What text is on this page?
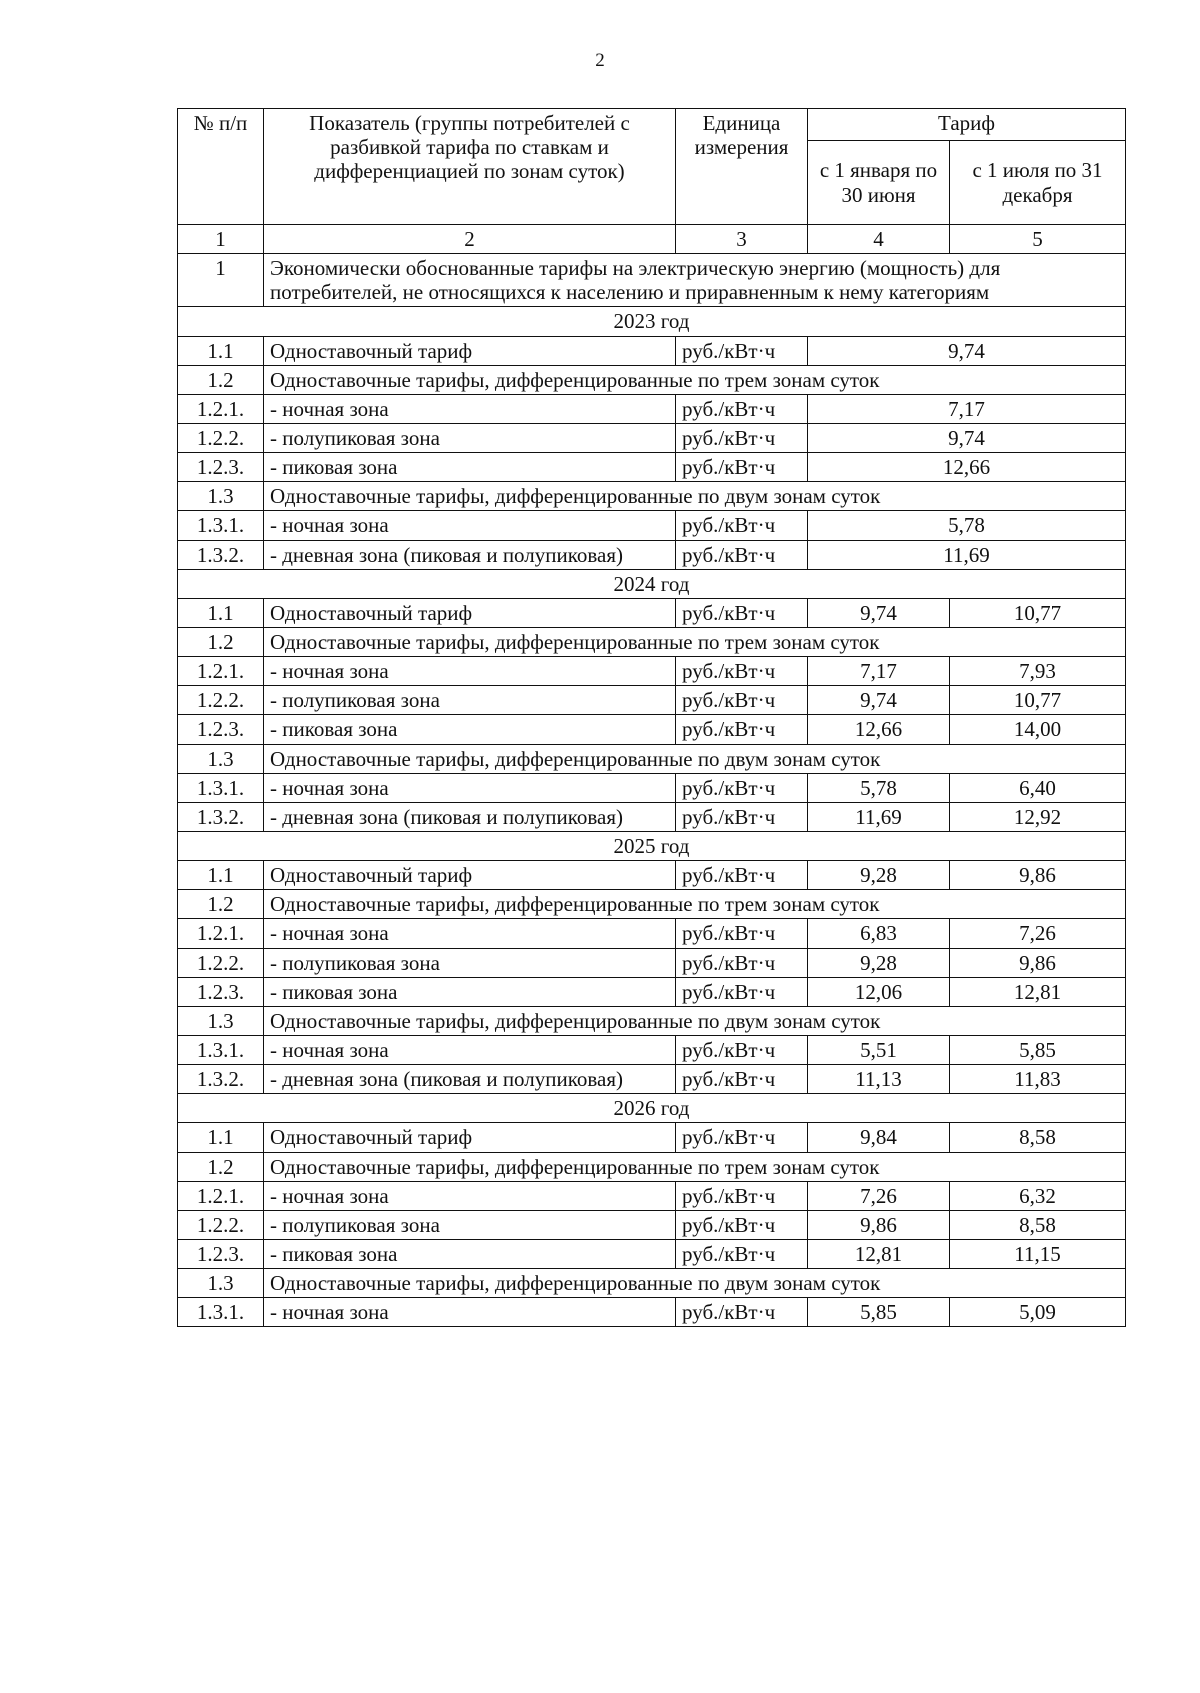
2
№ п/п	Показатель (группы потребителей с разбивкой тарифа по ставкам и дифференциацией по зонам суток)	Единица измерения	Тариф	
			с 1 января по 30 июня	с 1 июля по 31 декабря
1	2	3	4	5
1	Экономически обоснованные тарифы на электрическую энергию (мощность) для потребителей, не относящихся к населению и приравненным к нему категориям			
2023 год				
1.1	Одноставочный тариф	руб./кВт·ч	9,74	
1.2	Одноставочные тарифы, дифференцированные по трем зонам суток			
1.2.1.	- ночная зона	руб./кВт·ч	7,17	
1.2.2.	- полупиковая зона	руб./кВт·ч	9,74	
1.2.3.	- пиковая зона	руб./кВт·ч	12,66	
1.3	Одноставочные тарифы, дифференцированные по двум зонам суток			
1.3.1.	- ночная зона	руб./кВт·ч	5,78	
1.3.2.	- дневная зона (пиковая и полупиковая)	руб./кВт·ч	11,69	
2024 год				
1.1	Одноставочный тариф	руб./кВт·ч	9,74	10,77
1.2	Одноставочные тарифы, дифференцированные по трем зонам суток			
1.2.1.	- ночная зона	руб./кВт·ч	7,17	7,93
1.2.2.	- полупиковая зона	руб./кВт·ч	9,74	10,77
1.2.3.	- пиковая зона	руб./кВт·ч	12,66	14,00
1.3	Одноставочные тарифы, дифференцированные по двум зонам суток			
1.3.1.	- ночная зона	руб./кВт·ч	5,78	6,40
1.3.2.	- дневная зона (пиковая и полупиковая)	руб./кВт·ч	11,69	12,92
2025 год				
1.1	Одноставочный тариф	руб./кВт·ч	9,28	9,86
1.2	Одноставочные тарифы, дифференцированные по трем зонам суток			
1.2.1.	- ночная зона	руб./кВт·ч	6,83	7,26
1.2.2.	- полупиковая зона	руб./кВт·ч	9,28	9,86
1.2.3.	- пиковая зона	руб./кВт·ч	12,06	12,81
1.3	Одноставочные тарифы, дифференцированные по двум зонам суток			
1.3.1.	- ночная зона	руб./кВт·ч	5,51	5,85
1.3.2.	- дневная зона (пиковая и полупиковая)	руб./кВт·ч	11,13	11,83
2026 год				
1.1	Одноставочный тариф	руб./кВт·ч	9,84	8,58
1.2	Одноставочные тарифы, дифференцированные по трем зонам суток			
1.2.1.	- ночная зона	руб./кВт·ч	7,26	6,32
1.2.2.	- полупиковая зона	руб./кВт·ч	9,86	8,58
1.2.3.	- пиковая зона	руб./кВт·ч	12,81	11,15
1.3	Одноставочные тарифы, дифференцированные по двум зонам суток			
1.3.1.	- ночная зона	руб./кВт·ч	5,85	5,09
